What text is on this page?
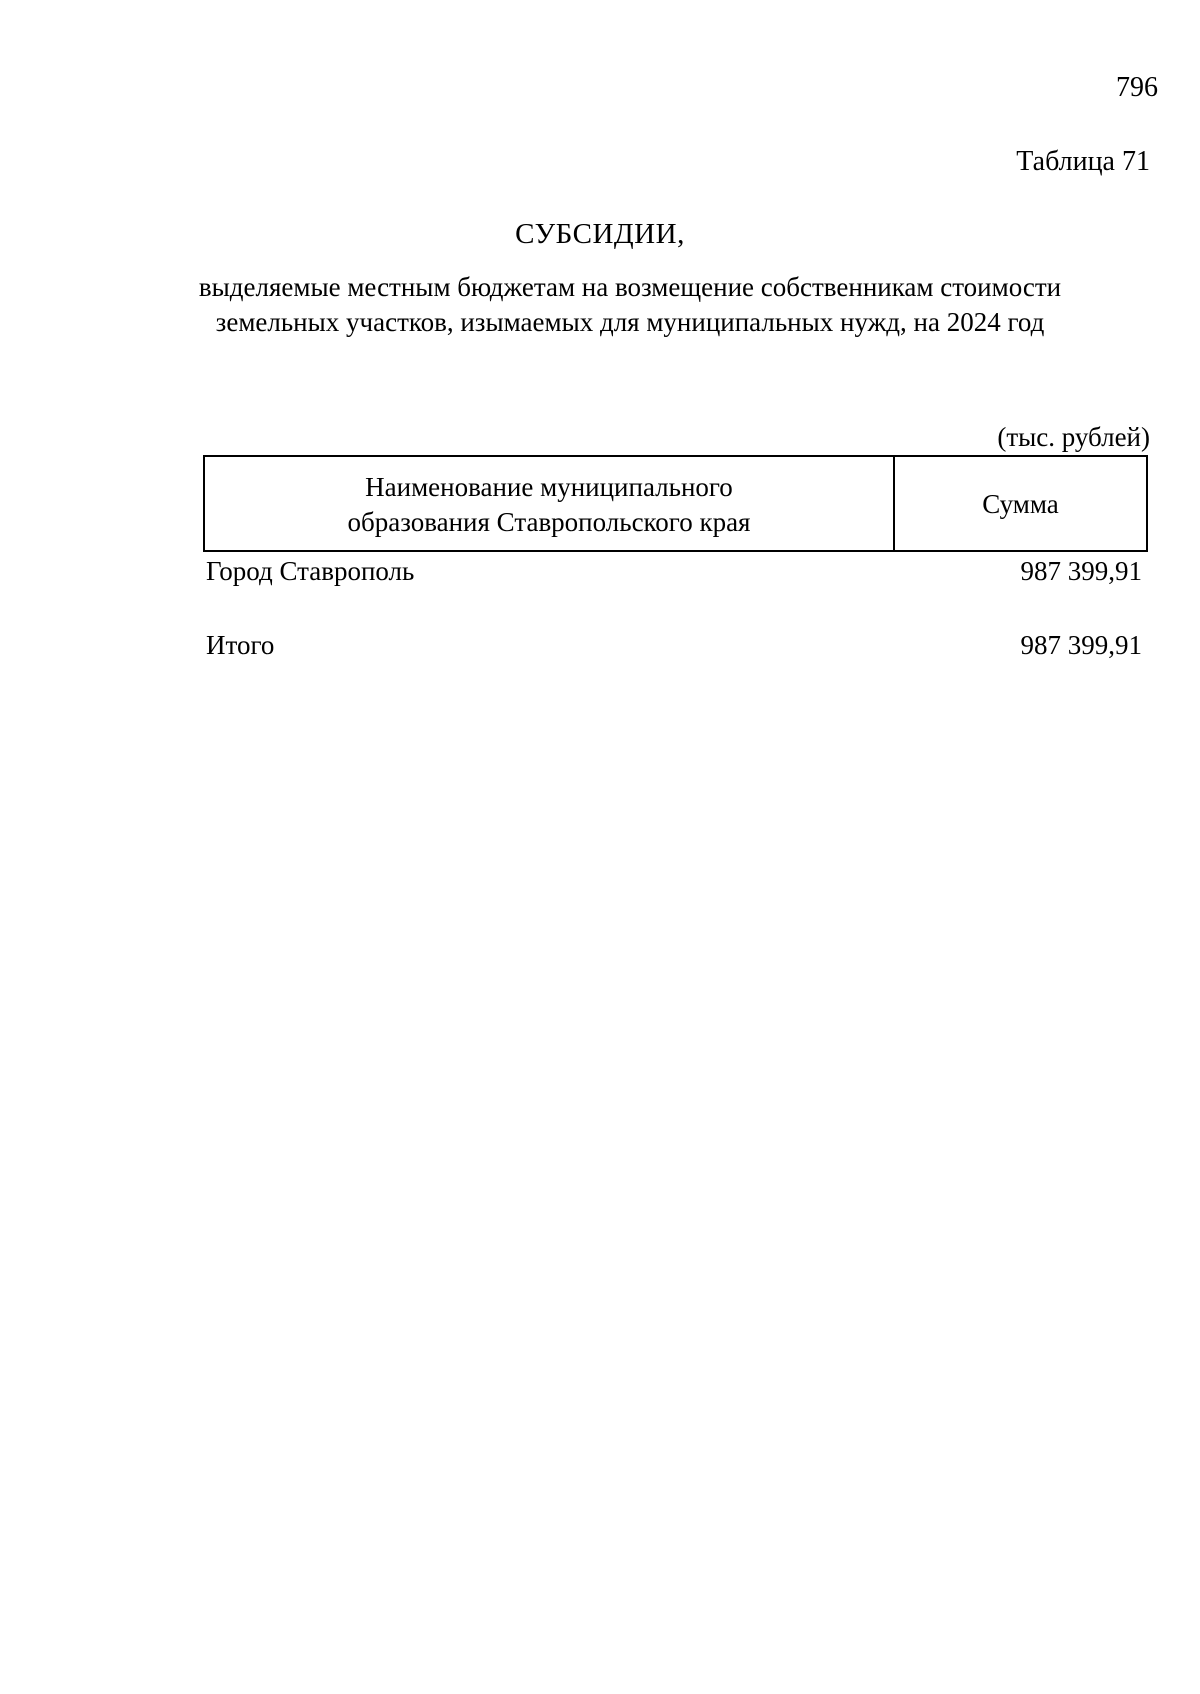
796
Таблица 71
СУБСИДИИ,
выделяемые местным бюджетам на возмещение собственникам стоимости
земельных участков, изымаемых для муниципальных нужд, на 2024 год
(тыс. рублей)
Наименование муниципального
образования Ставропольского края
Сумма
Город Ставрополь	987 399,91
Итого	987 399,91
